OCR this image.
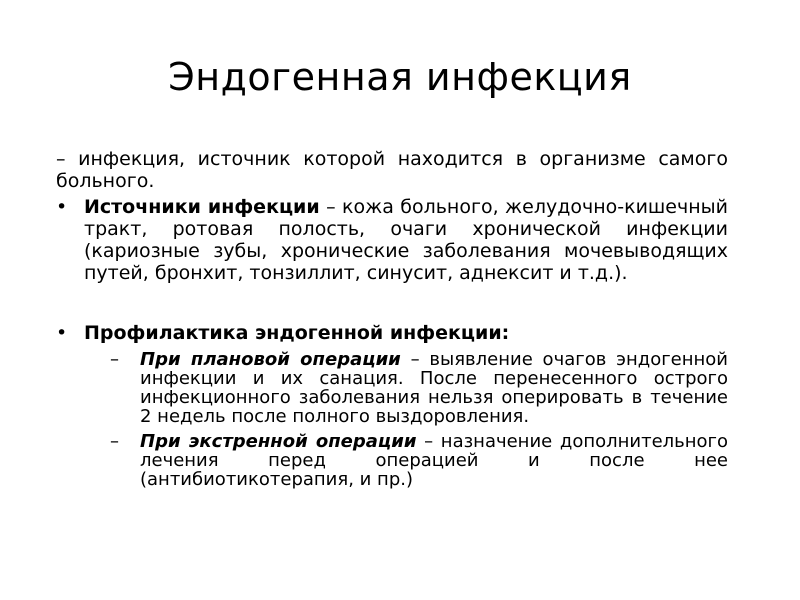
Эндогенная инфекция
– инфекция, источник которой находится в организме самого больного.
• Источники инфекции – кожа больного, желудочно-кишечный тракт, ротовая полость, очаги хронической инфекции (кариозные зубы, хронические заболевания мочевыводящих путей, бронхит, тонзиллит, синусит, аднексит и т.д.).
• Профилактика эндогенной инфекции:
– При плановой операции – выявление очагов эндогенной инфекции и их санация. После перенесенного острого инфекционного заболевания нельзя оперировать в течение 2 недель после полного выздоровления.
– При экстренной операции – назначение дополнительного лечения перед операцией и после нее (антибиотикотерапия, и пр.)
